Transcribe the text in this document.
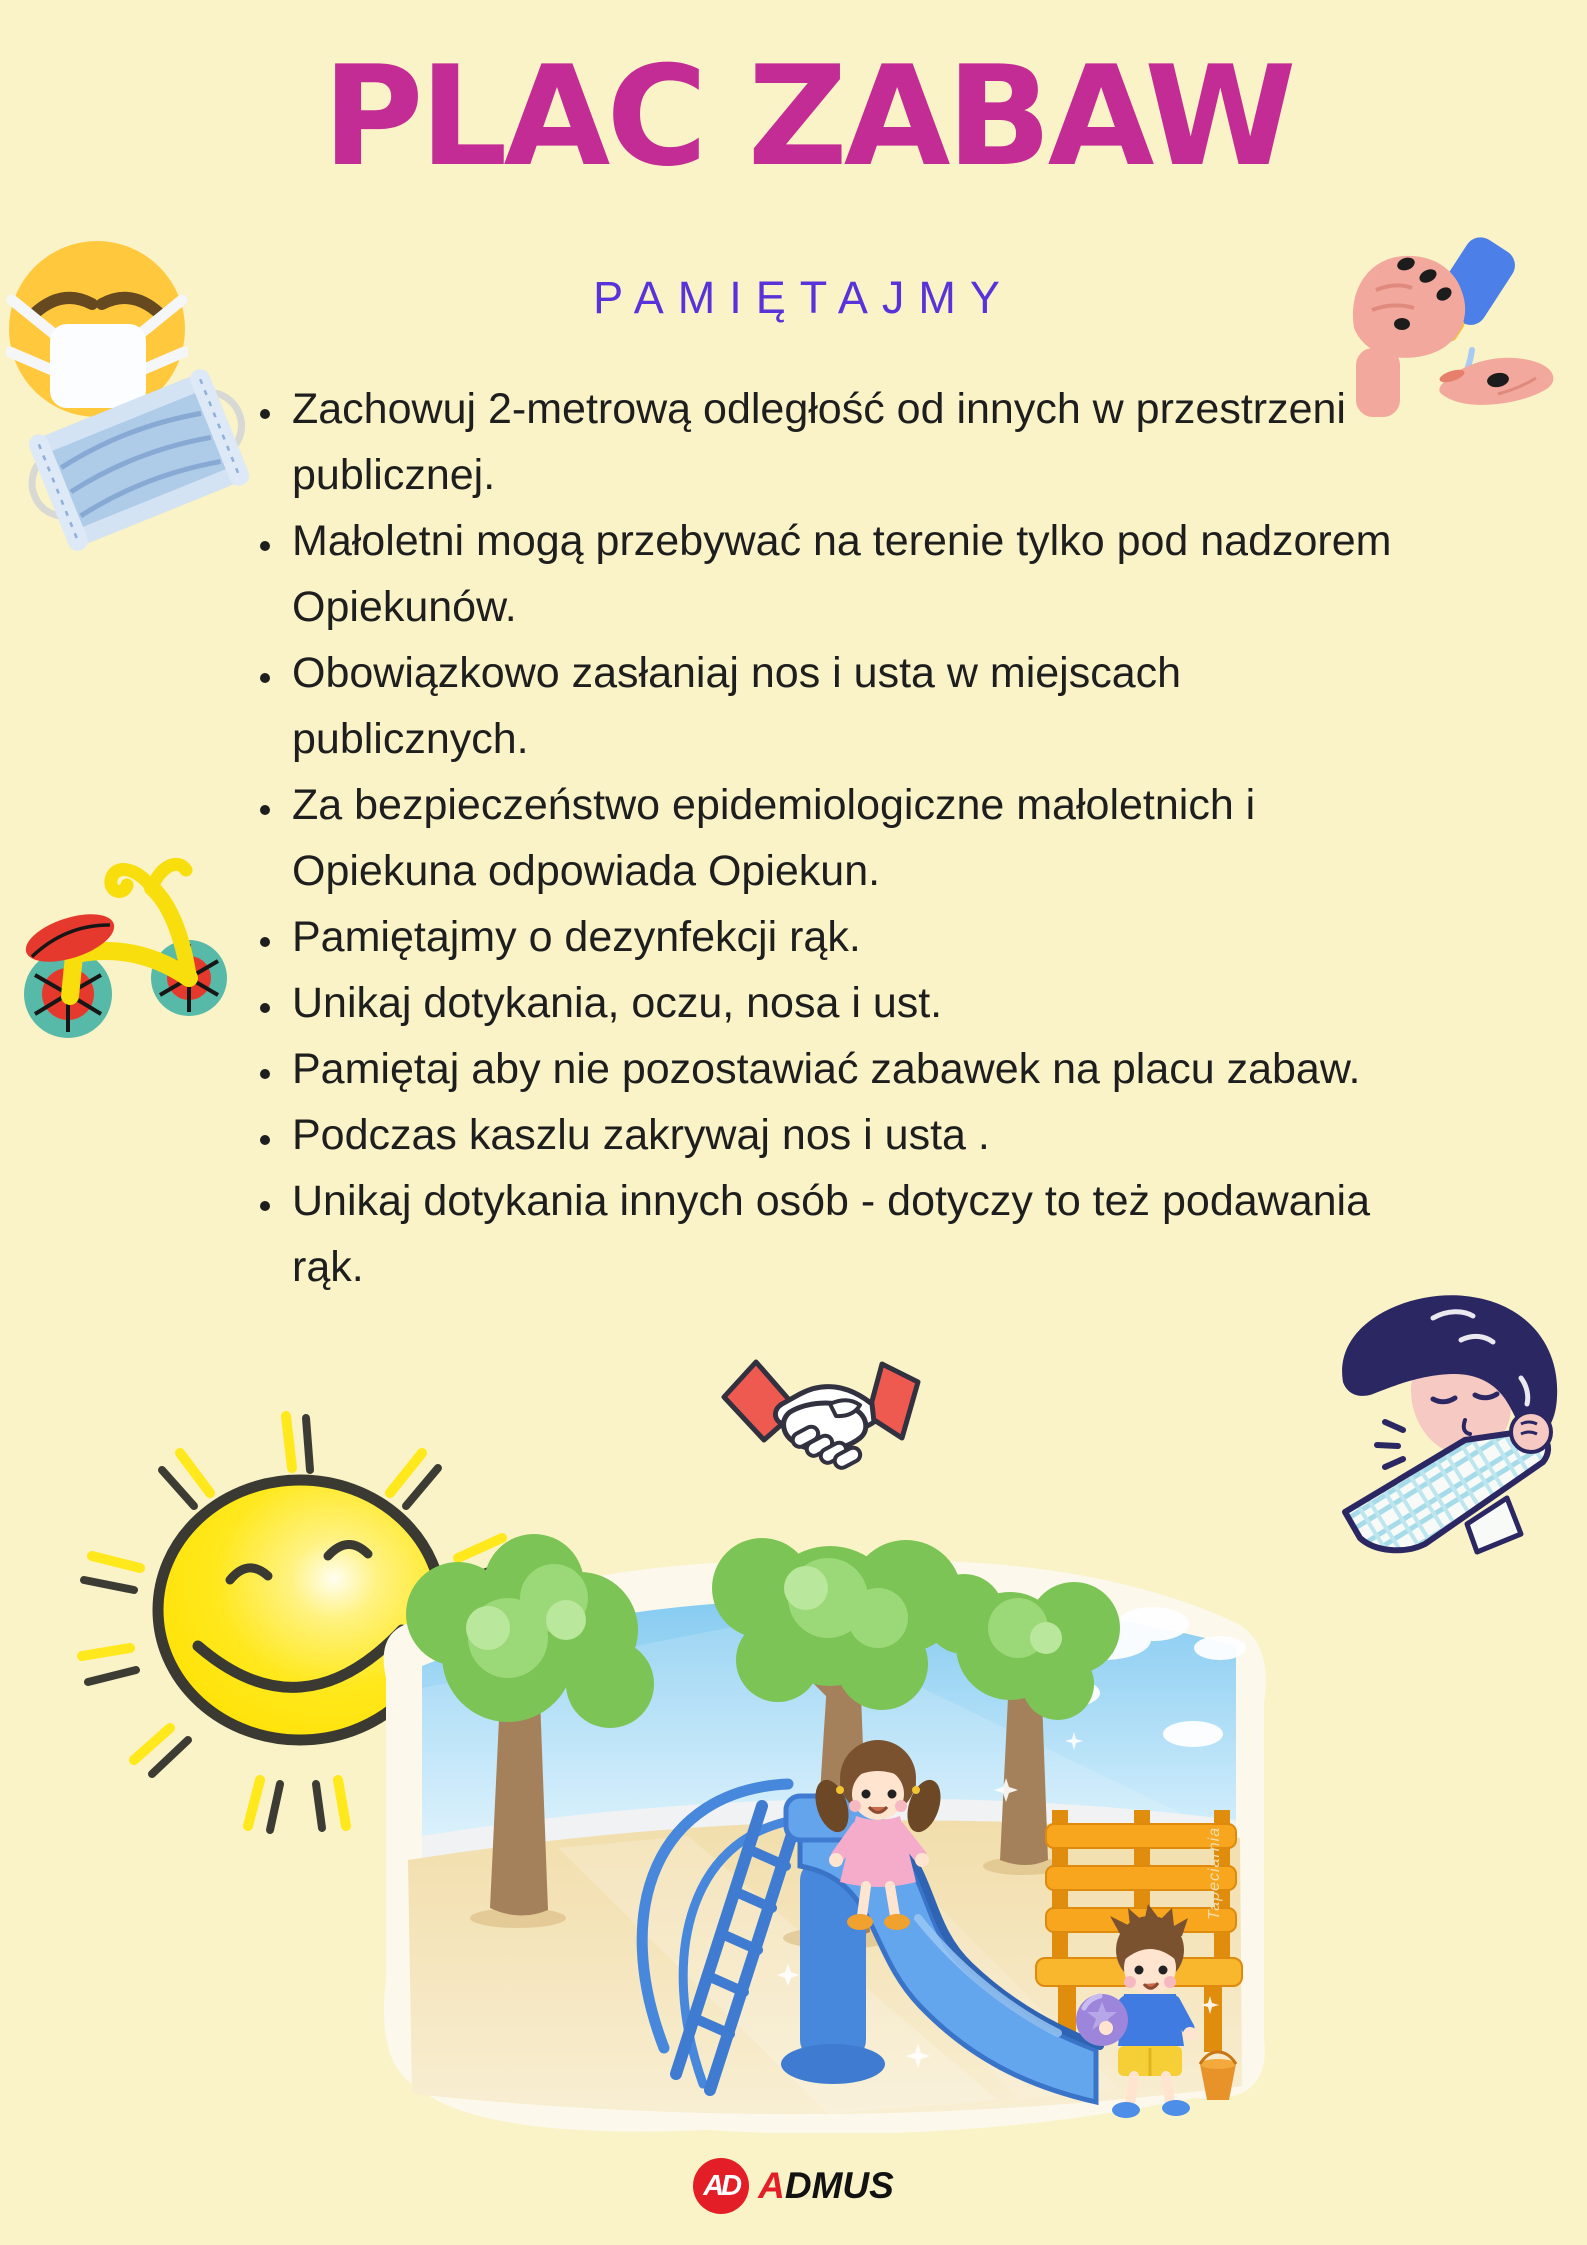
PLAC ZABAW
PAMIĘTAJMY
• Zachowuj 2-metrową odległość od innych w przestrzeni publicznej.
• Małoletni mogą przebywać na terenie tylko pod nadzorem Opiekunów.
• Obowiązkowo zasłaniaj nos i usta w miejscach publicznych.
• Za bezpieczeństwo epidemiologiczne małoletnich i Opiekuna odpowiada Opiekun.
• Pamiętajmy o dezynfekcji rąk.
• Unikaj dotykania, oczu, nosa i ust.
• Pamiętaj aby nie pozostawiać zabawek na placu zabaw.
• Podczas kaszlu zakrywaj nos i usta .
• Unikaj dotykania innych osób - dotyczy to też podawania rąk.
Tapeciarnia
AD ADMUS
